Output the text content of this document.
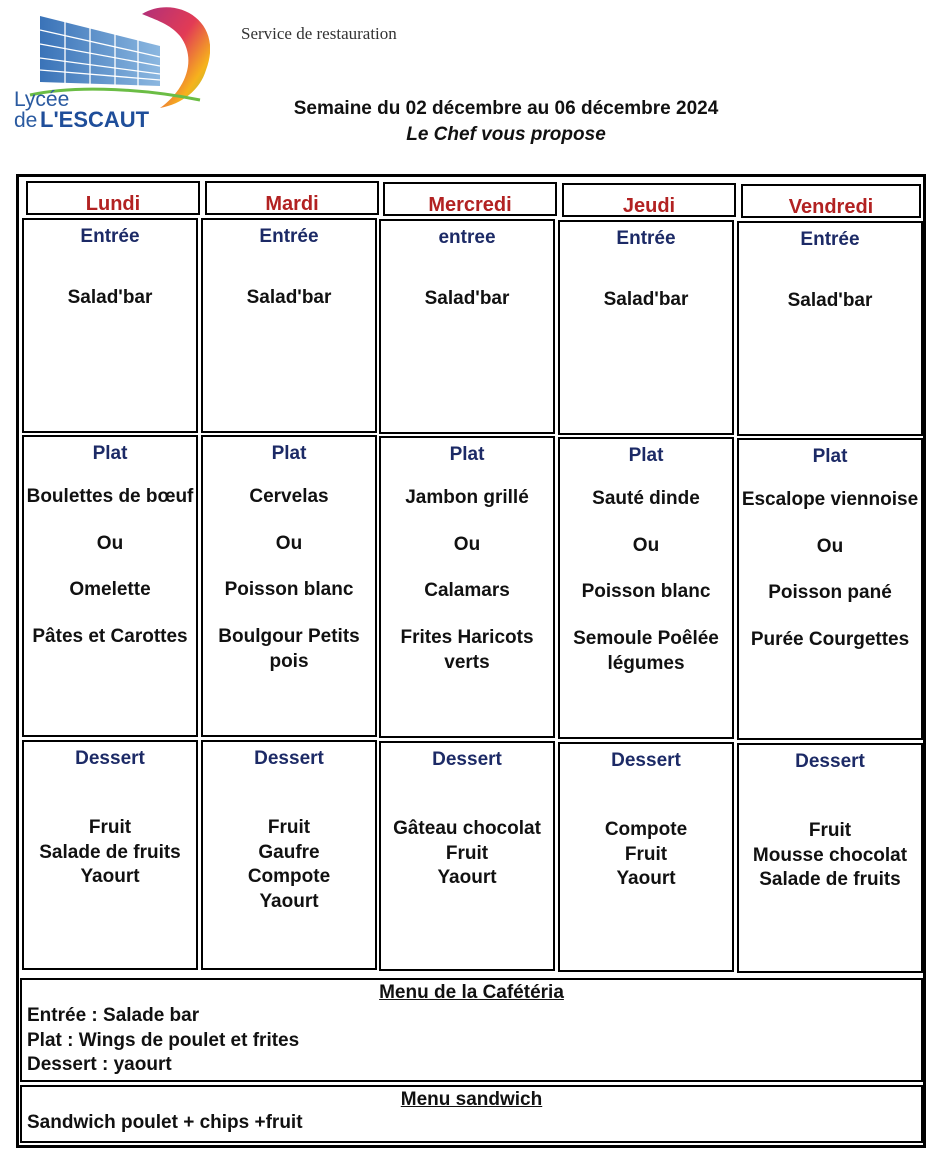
Lycée
de L'ESCAUT
Service de restauration
Semaine du 02 décembre au 06 décembre 2024
Le Chef vous propose
Lundi
Entrée
Salad'bar
Plat
Boulettes de bœuf
Ou
Omelette
Pâtes et Carottes
Dessert
Fruit
Salade de fruits
Yaourt
Mardi
Entrée
Salad'bar
Plat
Cervelas
Ou
Poisson blanc
Boulgour Petits pois
Dessert
Fruit
Gaufre
Compote
Yaourt
Mercredi
entree
Salad'bar
Plat
Jambon grillé
Ou
Calamars
Frites Haricots verts
Dessert
Gâteau chocolat
Fruit
Yaourt
Jeudi
Entrée
Salad'bar
Plat
Sauté dinde
Ou
Poisson blanc
Semoule Poêlée légumes
Dessert
Compote
Fruit
Yaourt
Vendredi
Entrée
Salad'bar
Plat
Escalope viennoise
Ou
Poisson pané
Purée Courgettes
Dessert
Fruit
Mousse chocolat
Salade de fruits
Menu de la Cafétéria
Entrée : Salade bar
Plat : Wings de poulet et frites
Dessert : yaourt
Menu sandwich
Sandwich poulet + chips +fruit
